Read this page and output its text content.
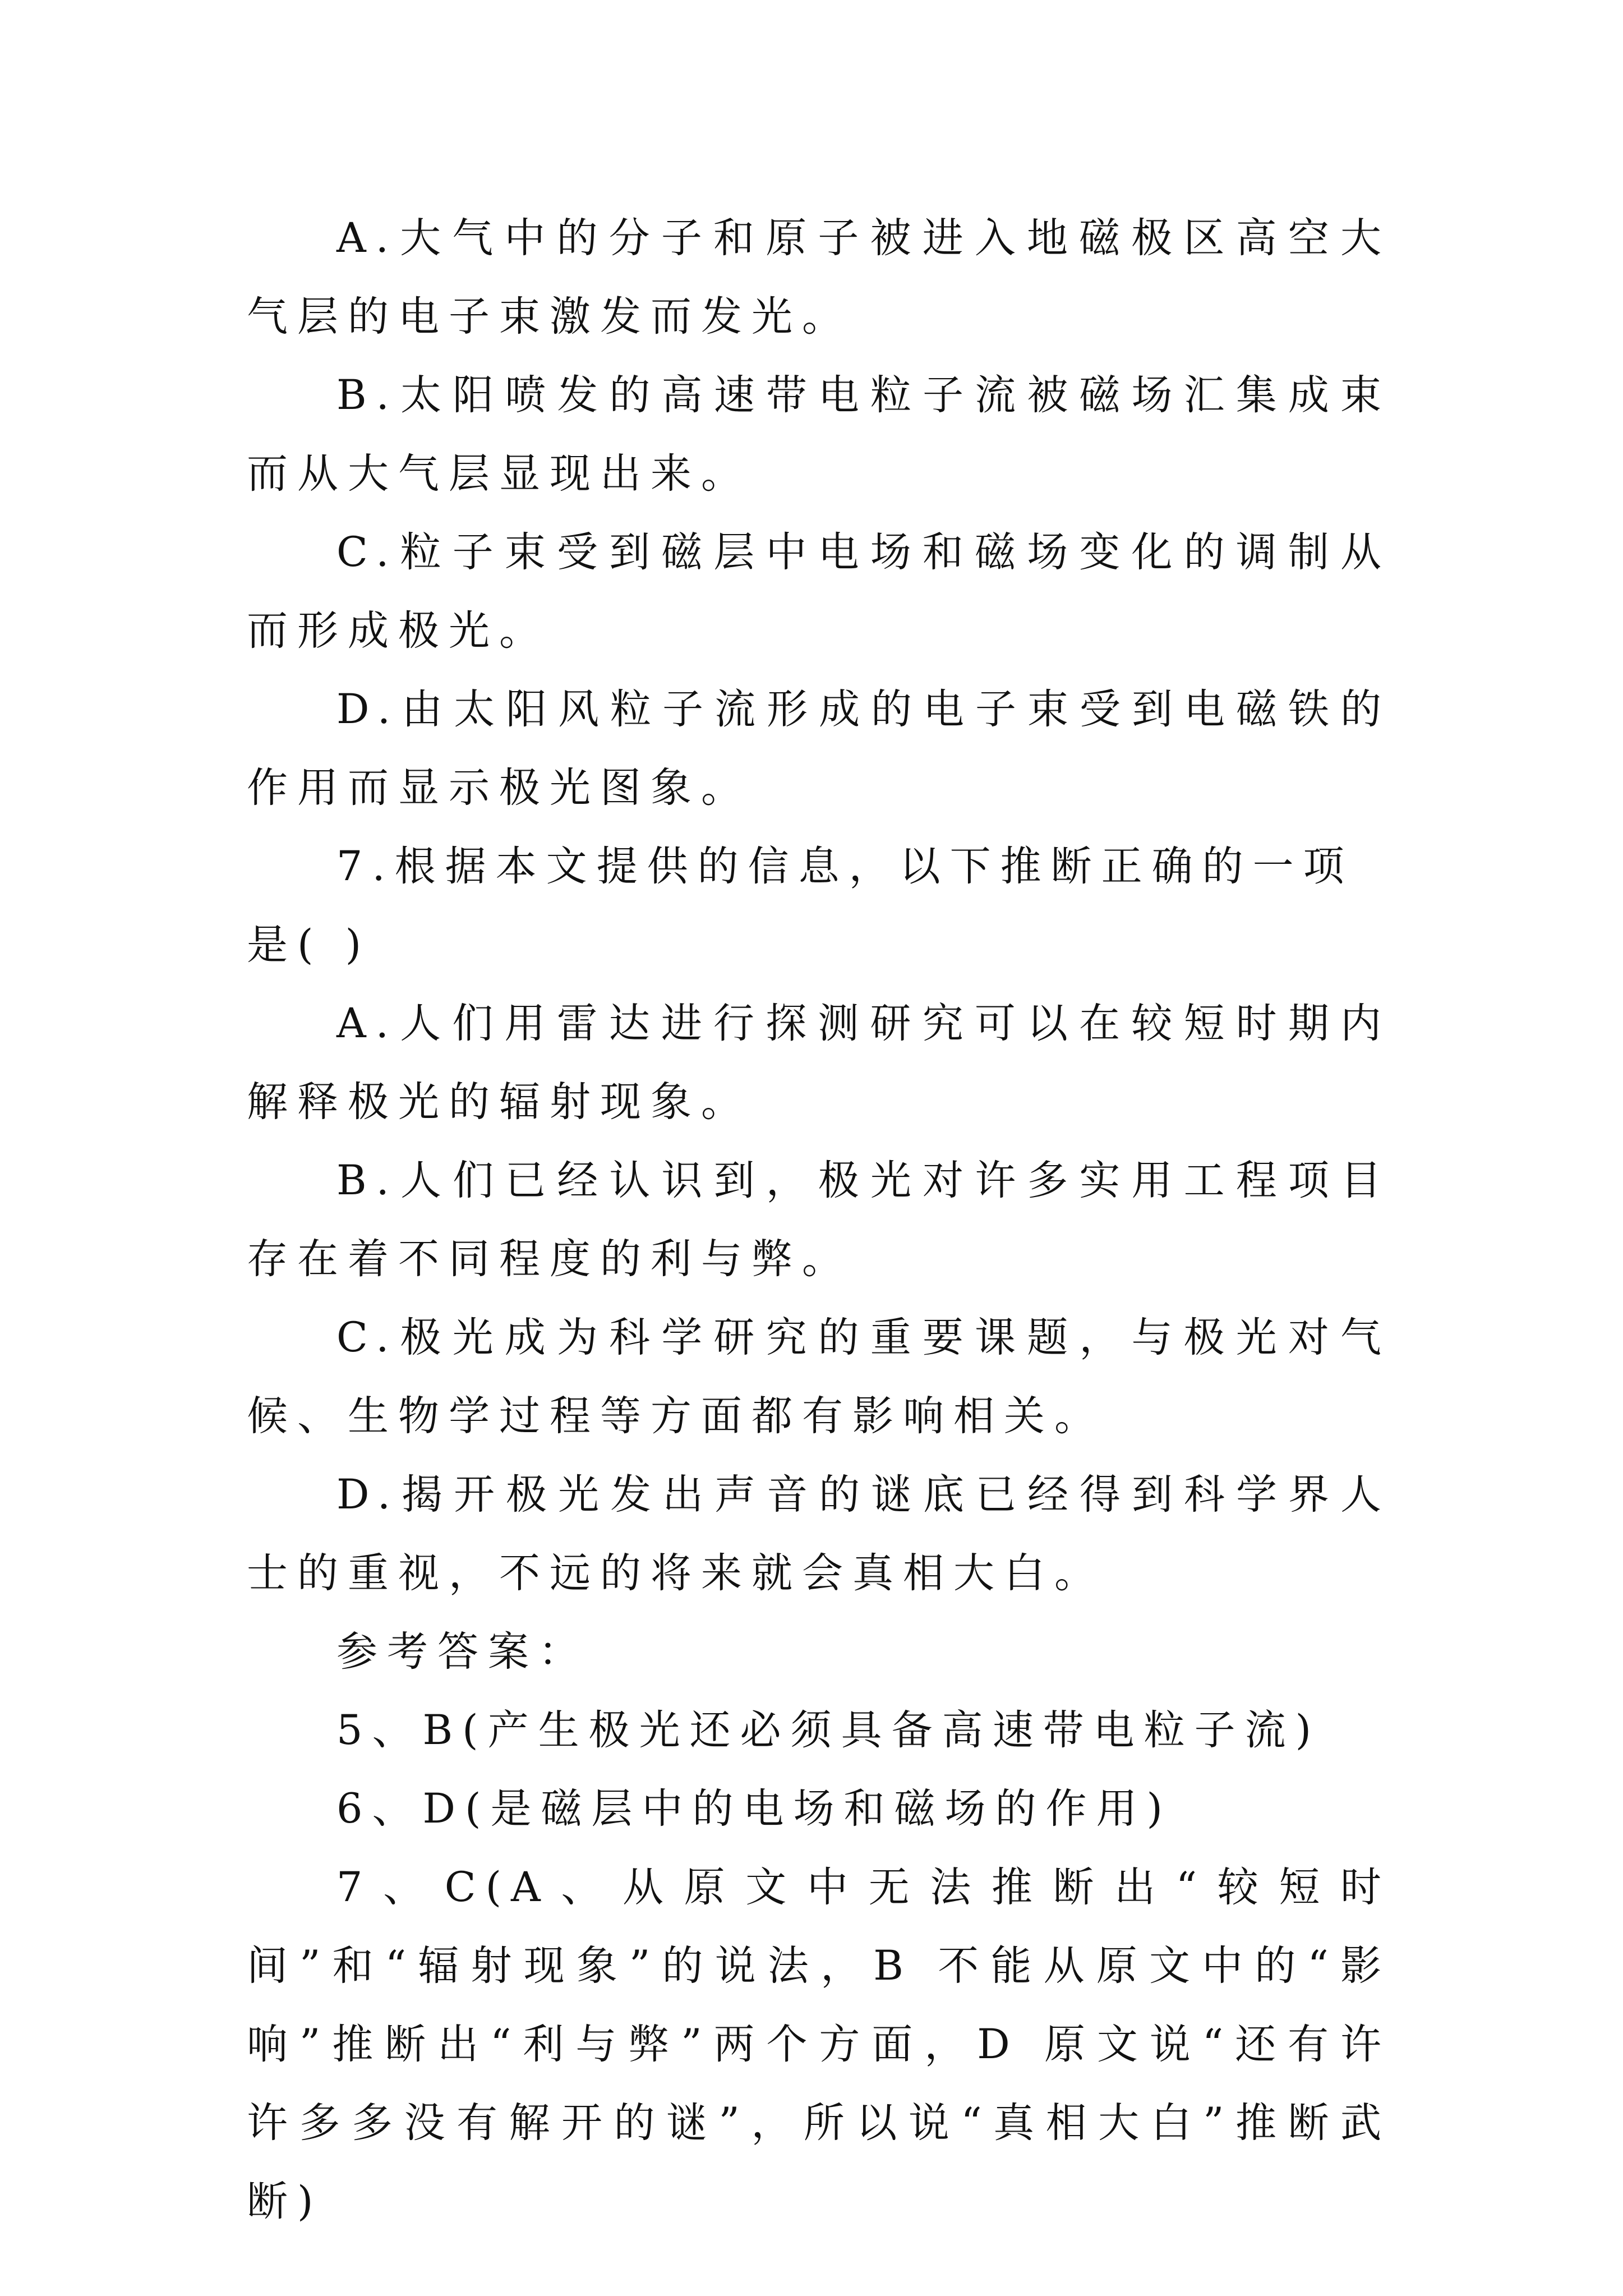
A.大气中的分子和原子被进入地磁极区高空大气层的电子束激发而发光。

B.太阳喷发的高速带电粒子流被磁场汇集成束而从大气层显现出来。

C.粒子束受到磁层中电场和磁场变化的调制从而形成极光。

D.由太阳风粒子流形成的电子束受到电磁铁的作用而显示极光图象。

7.根据本文提供的信息，以下推断正确的一项是( )

A.人们用雷达进行探测研究可以在较短时期内解释极光的辐射现象。

B.人们已经认识到，极光对许多实用工程项目存在着不同程度的利与弊。

C.极光成为科学研究的重要课题，与极光对气候、生物学过程等方面都有影响相关。

D.揭开极光发出声音的谜底已经得到科学界人士的重视，不远的将来就会真相大白。

参考答案：

5、B(产生极光还必须具备高速带电粒子流)

6、D(是磁层中的电场和磁场的作用)

7、C(A、从原文中无法推断出“较短时间”和“辐射现象”的说法，B 不能从原文中的“影响”推断出“利与弊”两个方面，D 原文说“还有许许多多没有解开的谜”，所以说“真相大白”推断武断)
